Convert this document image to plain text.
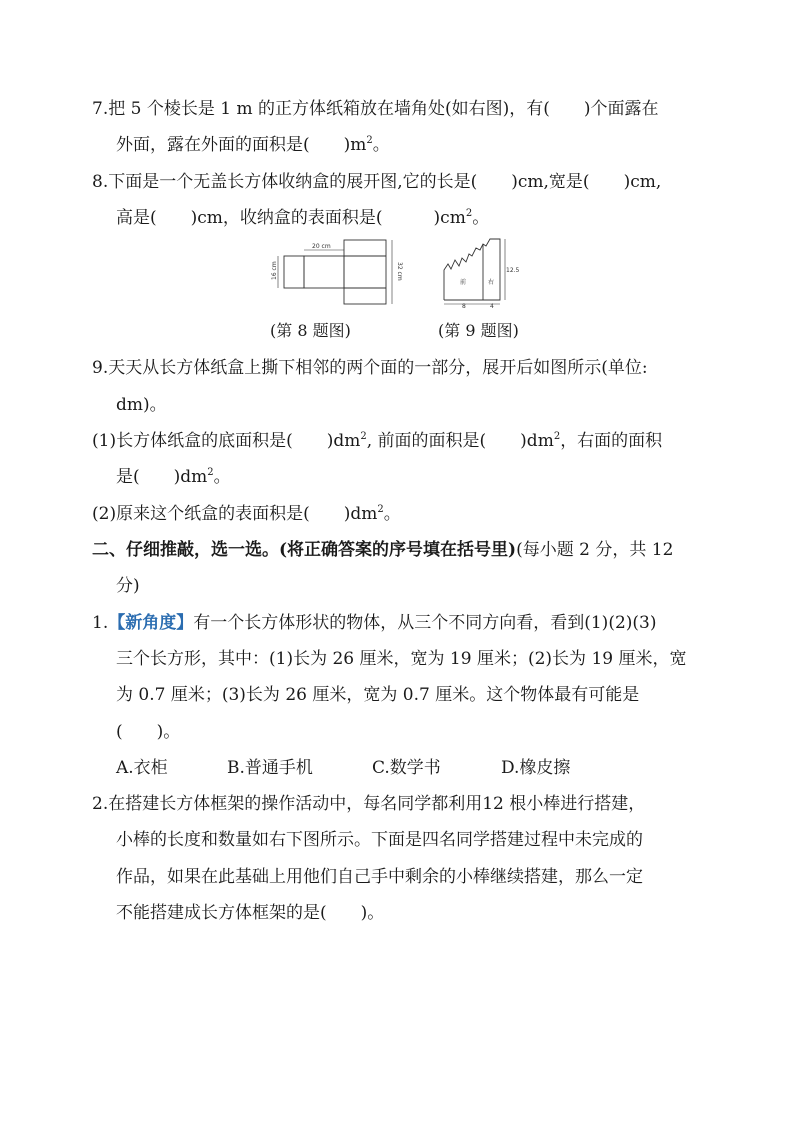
7.把 5 个棱长是 1 m 的正方体纸箱放在墙角处(如右图)，有(　　)个面露在
外面，露在外面的面积是(　　)$m^2$。
8.下面是一个无盖长方体收纳盒的展开图,它的长是(　　)cm,宽是(　　)cm,
高是(　　)cm，收纳盒的表面积是(　　　)$cm^2$。
20 cm
16 cm	32 cm
前	右
8	4
12.5
(第 8 题图)	(第 9 题图)
9.天天从长方体纸盒上撕下相邻的两个面的一部分，展开后如图所示(单位:
dm)。
(1)长方体纸盒的底面积是(　　)$dm^2$, 前面的面积是(　　)$dm^2$，右面的面积
是(　　)$dm^2$。
(2)原来这个纸盒的表面积是(　　)$dm^2$。
二、仔细推敲，选一选。(将正确答案的序号填在括号里)(每小题 2 分，共 12
分)
1.【新角度】有一个长方体形状的物体，从三个不同方向看，看到(1)(2)(3)
三个长方形，其中：(1)长为 26 厘米，宽为 19 厘米；(2)长为 19 厘米，宽
为 0.7 厘米；(3)长为 26 厘米，宽为 0.7 厘米。这个物体最有可能是
(　　)。
A.衣柜	B.普通手机	C.数学书	D.橡皮擦
2.在搭建长方体框架的操作活动中，每名同学都利用12 根小棒进行搭建，
小棒的长度和数量如右下图所示。下面是四名同学搭建过程中未完成的
作品，如果在此基础上用他们自己手中剩余的小棒继续搭建，那么一定
不能搭建成长方体框架的是(　　)。
